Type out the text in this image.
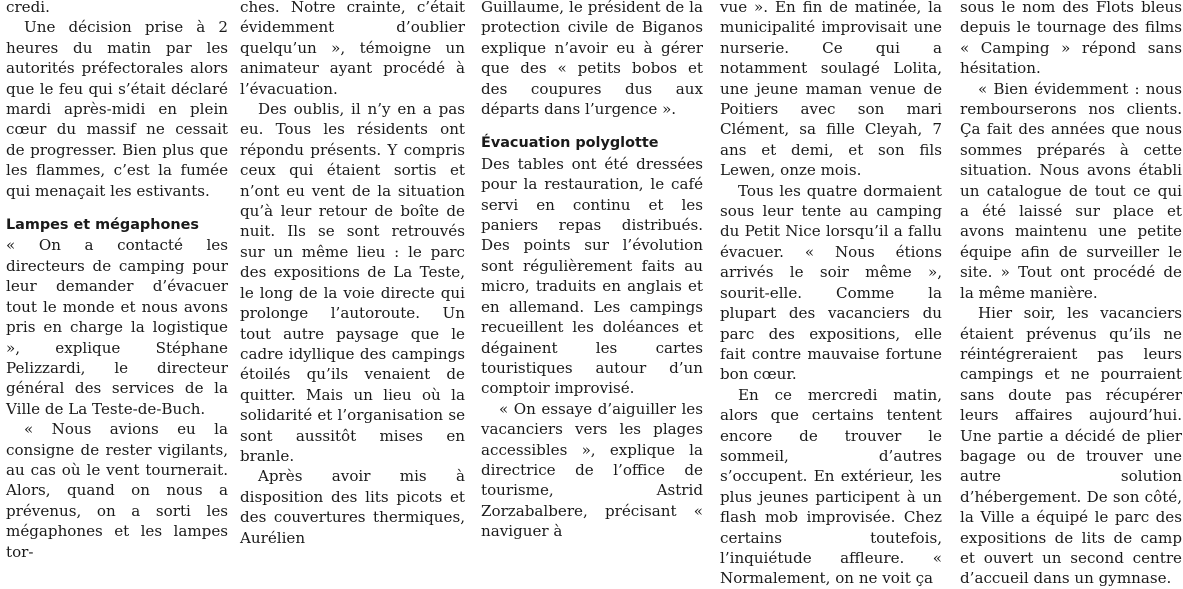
credi.

Une décision prise à 2 heures du matin par les autorités préfectorales alors que le feu qui s’était déclaré mardi après-midi en plein cœur du massif ne cessait de progresser. Bien plus que les flammes, c’est la fumée qui menaçait les estivants.

Lampes et mégaphones

« On a contacté les directeurs de camping pour leur demander d’évacuer tout le monde et nous avons pris en charge la logistique », explique Stéphane Pelizzardi, le directeur général des services de la Ville de La Teste-de-Buch.

« Nous avions eu la consigne de rester vigilants, au cas où le vent tournerait. Alors, quand on nous a prévenus, on a sorti les mégaphones et les lampes tor-

ches. Notre crainte, c’était évidemment d’oublier quelqu’un », témoigne un animateur ayant procédé à l’évacuation.

Des oublis, il n’y en a pas eu. Tous les résidents ont répondu présents. Y compris ceux qui étaient sortis et n’ont eu vent de la situation qu’à leur retour de boîte de nuit. Ils se sont retrouvés sur un même lieu : le parc des expositions de La Teste, le long de la voie directe qui prolonge l’autoroute. Un tout autre paysage que le cadre idyllique des campings étoilés qu’ils venaient de quitter. Mais un lieu où la solidarité et l’organisation se sont aussitôt mises en branle.

Après avoir mis à disposition des lits picots et des couvertures thermiques, Aurélien

Guillaume, le président de la protection civile de Biganos explique n’avoir eu à gérer que des « petits bobos et des coupures dus aux départs dans l’urgence ».

Évacuation polyglotte

Des tables ont été dressées pour la restauration, le café servi en continu et les paniers repas distribués. Des points sur l’évolution sont régulièrement faits au micro, traduits en anglais et en allemand. Les campings recueillent les doléances et dégainent les cartes touristiques autour d’un comptoir improvisé.

« On essaye d’aiguiller les vacanciers vers les plages accessibles », explique la directrice de l’office de tourisme, Astrid Zorzabalbere, précisant « naviguer à

vue ». En fin de matinée, la municipalité improvisait une nurserie. Ce qui a notamment soulagé Lolita, une jeune maman venue de Poitiers avec son mari Clément, sa fille Cleyah, 7 ans et demi, et son fils Lewen, onze mois.

Tous les quatre dormaient sous leur tente au camping du Petit Nice lorsqu’il a fallu évacuer. « Nous étions arrivés le soir même », sourit-elle. Comme la plupart des vacanciers du parc des expositions, elle fait contre mauvaise fortune bon cœur.

En ce mercredi matin, alors que certains tentent encore de trouver le sommeil, d’autres s’occupent. En extérieur, les plus jeunes participent à un flash mob improvisée. Chez certains toutefois, l’inquiétude affleure. « Normalement, on ne voit ça

sous le nom des Flots bleus depuis le tournage des films « Camping » répond sans hésitation.

« Bien évidemment : nous rembourserons nos clients. Ça fait des années que nous sommes préparés à cette situation. Nous avons établi un catalogue de tout ce qui a été laissé sur place et avons maintenu une petite équipe afin de surveiller le site. » Tout ont procédé de la même manière.

Hier soir, les vacanciers étaient prévenus qu’ils ne réintégreraient pas leurs campings et ne pourraient sans doute pas récupérer leurs affaires aujourd’hui. Une partie a décidé de plier bagage ou de trouver une autre solution d’hébergement. De son côté, la Ville a équipé le parc des expositions de lits de camp et ouvert un second centre d’accueil dans un gymnase.
